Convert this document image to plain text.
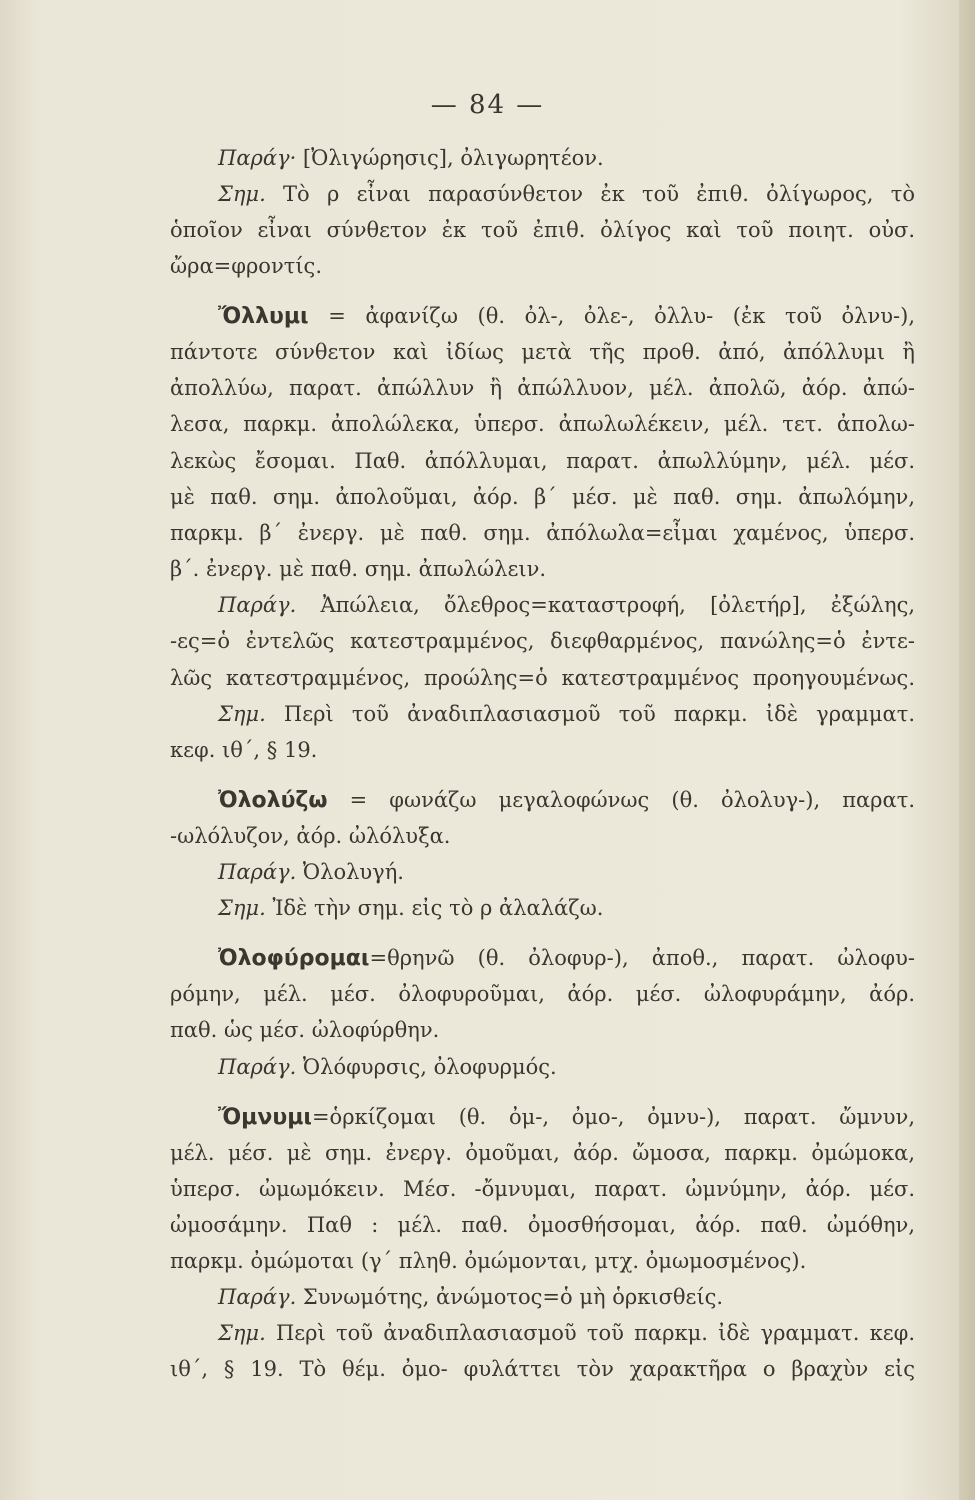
— 84 —
Παράγ· [Ὀλιγώρησις], ὀλιγωρητέον.
Σημ. Τὸ ρ εἶναι παρασύνθετον ἐκ τοῦ ἐπιθ. ὀλίγωρος, τὸ
ὁποῖον εἶναι σύνθετον ἐκ τοῦ ἐπιθ. ὀλίγος καὶ τοῦ ποιητ. οὐσ.
ὤρα=φροντίς.
Ὄλλυμι = ἀφανίζω (θ. ὀλ-, ὀλε-, ὀλλυ- (ἐκ τοῦ ὀλνυ-),
πάντοτε σύνθετον καὶ ἰδίως μετὰ τῆς προθ. ἀπό, ἀπόλλυμι ἢ
ἀπολλύω, παρατ. ἀπώλλυν ἢ ἀπώλλυον, μέλ. ἀπολῶ, ἀόρ. ἀπώ-
λεσα, παρκμ. ἀπολώλεκα, ὑπερσ. ἀπωλωλέκειν, μέλ. τετ. ἀπολω-
λεκὼς ἔσομαι. Παθ. ἀπόλλυμαι, παρατ. ἀπωλλύμην, μέλ. μέσ.
μὲ παθ. σημ. ἀπολοῦμαι, ἀόρ. β΄ μέσ. μὲ παθ. σημ. ἀπωλόμην,
παρκμ. β΄ ἐνεργ. μὲ παθ. σημ. ἀπόλωλα=εἶμαι χαμένος, ὑπερσ.
β΄. ἐνεργ. μὲ παθ. σημ. ἀπωλώλειν.
Παράγ. Ἀπώλεια, ὄλεθρος=καταστροφή, [ὀλετήρ], ἐξώλης,
-ες=ὁ ἐντελῶς κατεστραμμένος, διεφθαρμένος, πανώλης=ὁ ἐντε-
λῶς κατεστραμμένος, προώλης=ὁ κατεστραμμένος προηγουμένως.
Σημ. Περὶ τοῦ ἀναδιπλασιασμοῦ τοῦ παρκμ. ἰδὲ γραμματ.
κεφ. ιθ΄, § 19.
Ὀλολύζω = φωνάζω μεγαλοφώνως (θ. ὀλολυγ-), παρατ.
-ωλόλυζον, ἀόρ. ὠλόλυξα.
Παράγ. Ὀλολυγή.
Σημ. Ἰδὲ τὴν σημ. εἰς τὸ ρ ἀλαλάζω.
Ὀλοφύρομαι=θρηνῶ (θ. ὀλοφυρ-), ἀποθ., παρατ. ὠλοφυ-
ρόμην, μέλ. μέσ. ὀλοφυροῦμαι, ἀόρ. μέσ. ὠλοφυράμην, ἀόρ.
παθ. ὡς μέσ. ὠλοφύρθην.
Παράγ. Ὀλόφυρσις, ὀλοφυρμός.
Ὄμνυμι=ὁρκίζομαι (θ. ὀμ-, ὀμο-, ὀμνυ-), παρατ. ὤμνυν,
μέλ. μέσ. μὲ σημ. ἐνεργ. ὀμοῦμαι, ἀόρ. ὤμοσα, παρκμ. ὀμώμοκα,
ὑπερσ. ὠμωμόκειν. Μέσ. -ὄμνυμαι, παρατ. ὠμνύμην, ἀόρ. μέσ.
ὠμοσάμην. Παθ : μέλ. παθ. ὀμοσθήσομαι, ἀόρ. παθ. ὠμόθην,
παρκμ. ὀμώμοται (γ΄ πληθ. ὀμώμονται, μτχ. ὀμωμοσμένος).
Παράγ. Συνωμότης, ἀνώμοτος=ὁ μὴ ὁρκισθείς.
Σημ. Περὶ τοῦ ἀναδιπλασιασμοῦ τοῦ παρκμ. ἰδὲ γραμματ. κεφ.
ιθ΄, § 19. Τὸ θέμ. ὀμο- φυλάττει τὸν χαρακτῆρα ο βραχὺν εἰς
